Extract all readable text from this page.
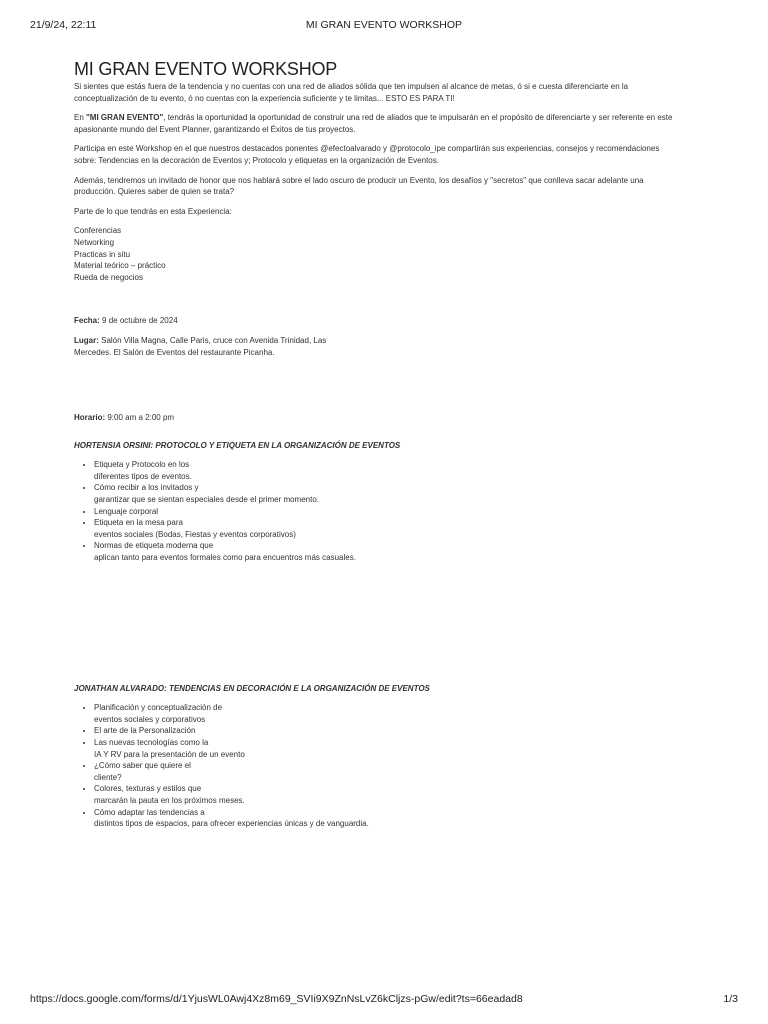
21/9/24, 22:11	MI GRAN EVENTO WORKSHOP
MI GRAN EVENTO WORKSHOP

Si sientes que estás fuera de la tendencia y no cuentas con una red de aliados sólida que ten impulsen al alcance de metas, ó si e cuesta diferenciarte en la conceptualización de tu evento, ó no cuentas con la experiencia suficiente y te limitas... ESTO ES PARA TI!

En "MI GRAN EVENTO", tendrás la oportunidad la oportunidad de construir una red de aliados que te impulsarán en el propósito de diferenciarte y ser referente en este apasionante mundo del Event Planner, garantizando el Éxitos de tus proyectos.

Participa en este Workshop en el que nuestros destacados ponentes @efectoalvarado y @protocolo_ipe compartirán sus experiencias, consejos y recomendaciones sobre: Tendencias en la decoración de Eventos y; Protocolo y etiquetas en la organización de Eventos.

Además, tendremos un invitado de honor que nos hablará sobre el lado oscuro de producir un Evento, los desafíos y "secretos" que conlleva sacar adelante una producción. Quieres saber de quien se trata?

Parte de lo que tendrás en esta Experiencia:

Conferencias
Networking
Practicas in situ
Material teórico – práctico
Rueda de negocios

Fecha: 9 de octubre de 2024

Lugar: Salón Villa Magna, Calle Paris, cruce con Avenida Trinidad, Las
Mercedes. El Salón de Eventos del restaurante Picanha.

Horario: 9:00 am a 2:00 pm

HORTENSIA ORSINI: PROTOCOLO Y ETIQUETA EN LA ORGANIZACIÓN DE EVENTOS

• Etiqueta y Protocolo en los
diferentes tipos de eventos.
• Cómo recibir a los invitados y
garantizar que se sientan especiales desde el primer momento.
• Lenguaje corporal
• Etiqueta en la mesa para
eventos sociales (Bodas, Fiestas y eventos corporativos)
• Normas de etiqueta moderna que
aplican tanto para eventos formales como para encuentros más casuales.

JONATHAN ALVARADO: TENDENCIAS EN DECORACIÓN E LA ORGANIZACIÓN DE EVENTOS

• Planificación y conceptualización de
eventos sociales y corporativos
• El arte de la Personalización
• Las nuevas tecnologías como la
IA Y RV para la presentación de un evento
• ¿Cómo saber que quiere el
cliente?
• Colores, texturas y estilos que
marcarán la pauta en los próximos meses.
• Cómo adaptar las tendencias a
distintos tipos de espacios, para ofrecer experiencias únicas y de vanguardia.
https://docs.google.com/forms/d/1YjusWL0Awj4Xz8m69_SVIi9X9ZnNsLvZ6kCljzs-pGw/edit?ts=66eadad8	1/3
